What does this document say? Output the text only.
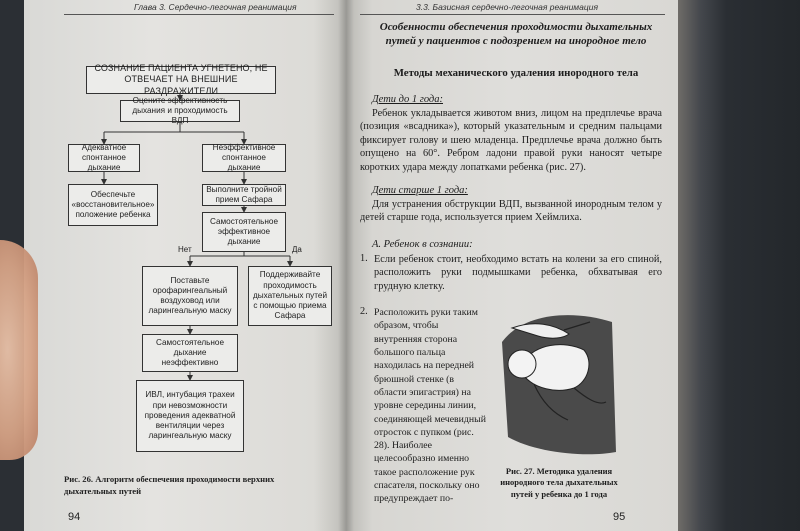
Глава 3. Сердечно-легочная реанимация
СОЗНАНИЕ ПАЦИЕНТА УГНЕТЕНО, НЕ ОТВЕЧАЕТ НА ВНЕШНИЕ РАЗДРАЖИТЕЛИ
Оцените эффективность дыхания и проходимость ВДП
Адекватное спонтанное дыхание
Неэффективное спонтанное дыхание
Обеспечьте «восстановительное» положение ребенка
Выполните тройной прием Сафара
Самостоятельное эффективное дыхание
Нет	Да
Поставьте орофарингеальный воздуховод или ларингеальную маску
Поддерживайте проходимость дыхательных путей с помощью приема Сафара
Самостоятельное дыхание неэффективно
ИВЛ, интубация трахеи при невозможности проведения адекватной вентиляции через ларингеальную маску
Рис. 26. Алгоритм обеспечения проходимости верхних дыхательных путей
94
3.3. Базисная сердечно-легочная реанимация
Особенности обеспечения проходимости дыхательных путей у пациентов с подозрением на инородное тело
Методы механического удаления инородного тела
Дети до 1 года:
Ребенок укладывается животом вниз, лицом на предплечье врача (позиция «всадника»), который указательным и средним пальцами фиксирует голову и шею младенца. Предплечье врача должно быть опущено на 60°. Ребром ладони правой руки наносят четыре коротких удара между лопатками ребенка (рис. 27).
Дети старше 1 года:
Для устранения обструкции ВДП, вызванной инородным телом у детей старше года, используется прием Хеймлиха.
А. Ребенок в сознании:
1. Если ребенок стоит, необходимо встать на колени за его спиной, расположить руки подмышками ребенка, обхватывая его грудную клетку.
2. Расположить руки таким образом, чтобы внутренняя сторона большого пальца находилась на передней брюшной стенке (в области эпигастрия) на уровне середины линии, соединяющей мечевидный отросток с пупком (рис. 28). Наиболее целесообразно именно такое расположение рук спасателя, поскольку оно предупреждает по-
Рис. 27. Методика удаления инородного тела дыхательных путей у ребенка до 1 года
95
